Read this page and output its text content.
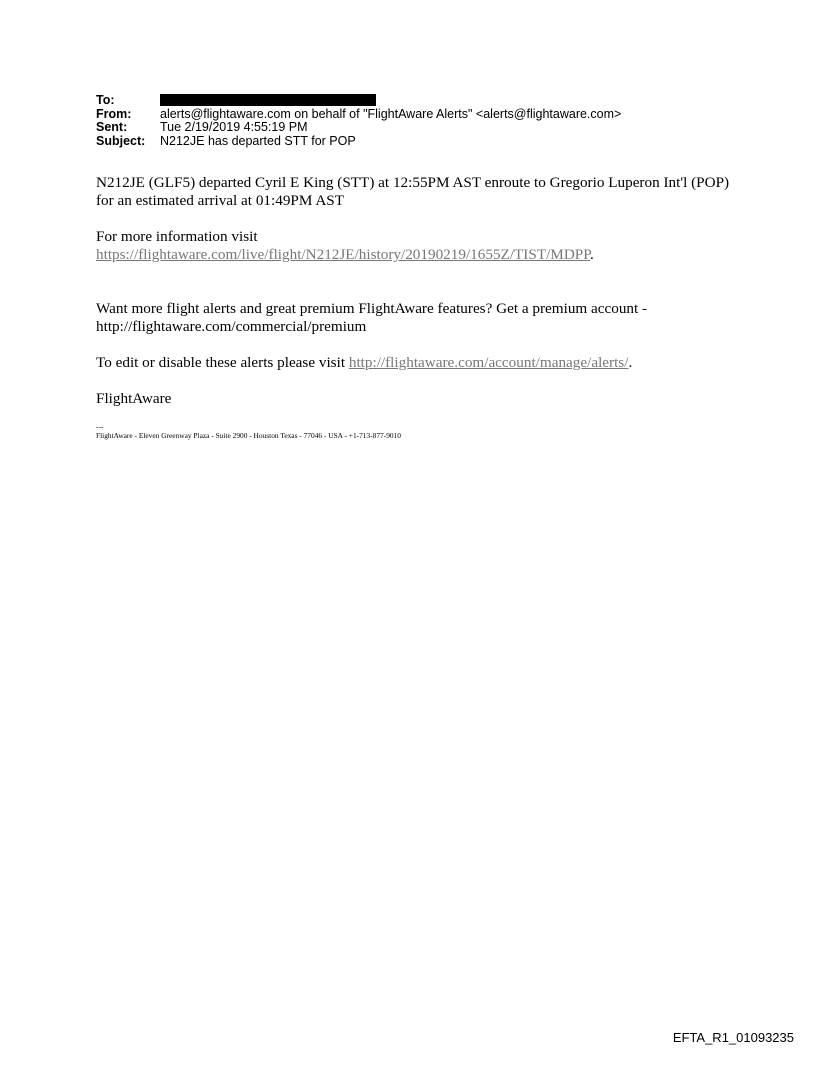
To:
From:	alerts@flightaware.com on behalf of "FlightAware Alerts" <alerts@flightaware.com>
Sent:	Tue 2/19/2019 4:55:19 PM
Subject:	N212JE has departed STT for POP

N212JE (GLF5) departed Cyril E King (STT) at 12:55PM AST enroute to Gregorio Luperon Int'l (POP) for an estimated arrival at 01:49PM AST

For more information visit
https://flightaware.com/live/flight/N212JE/history/20190219/1655Z/TIST/MDPP.

Want more flight alerts and great premium FlightAware features? Get a premium account - http://flightaware.com/commercial/premium

To edit or disable these alerts please visit http://flightaware.com/account/manage/alerts/.

FlightAware

---
FlightAware - Eleven Greenway Plaza - Suite 2900 - Houston Texas - 77046 - USA - +1-713-877-9010
EFTA_R1_01093235
